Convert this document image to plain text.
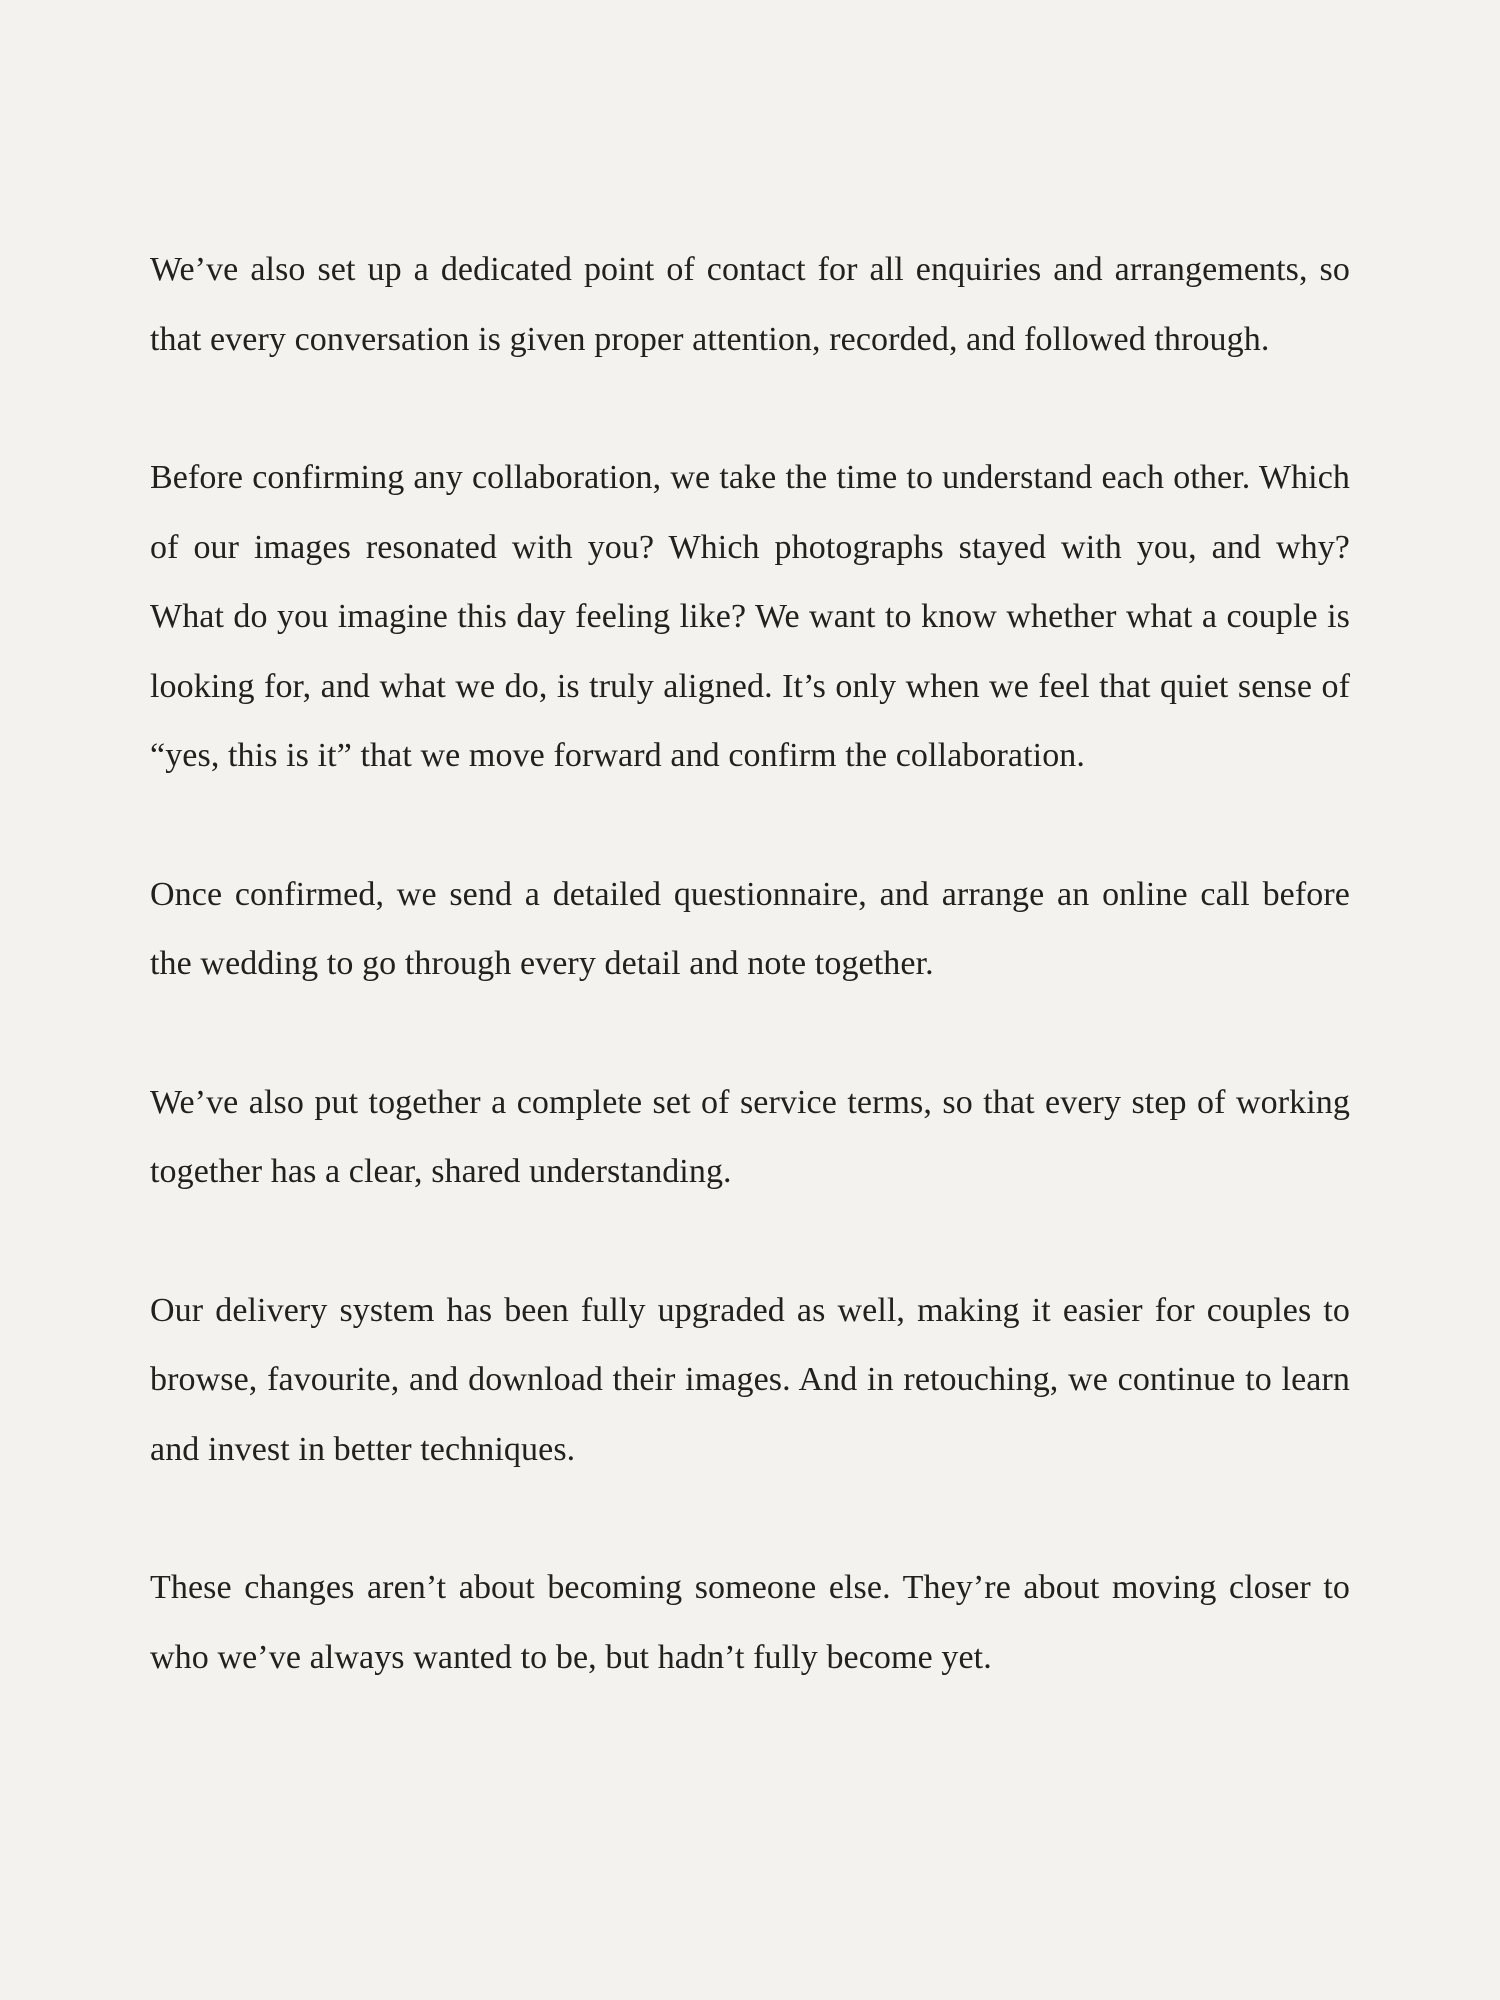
We’ve also set up a dedicated point of contact for all enquiries and arrangements, so that every conversation is given proper attention, recorded, and followed through.

Before confirming any collaboration, we take the time to understand each other. Which of our images resonated with you? Which photographs stayed with you, and why? What do you imagine this day feeling like? We want to know whether what a couple is looking for, and what we do, is truly aligned. It’s only when we feel that quiet sense of “yes, this is it” that we move forward and confirm the collaboration.

Once confirmed, we send a detailed questionnaire, and arrange an online call before the wedding to go through every detail and note together.

We’ve also put together a complete set of service terms, so that every step of working together has a clear, shared understanding.

Our delivery system has been fully upgraded as well, making it easier for couples to browse, favourite, and download their images. And in retouching, we continue to learn and invest in better techniques.

These changes aren’t about becoming someone else. They’re about moving closer to who we’ve always wanted to be, but hadn’t fully become yet.
